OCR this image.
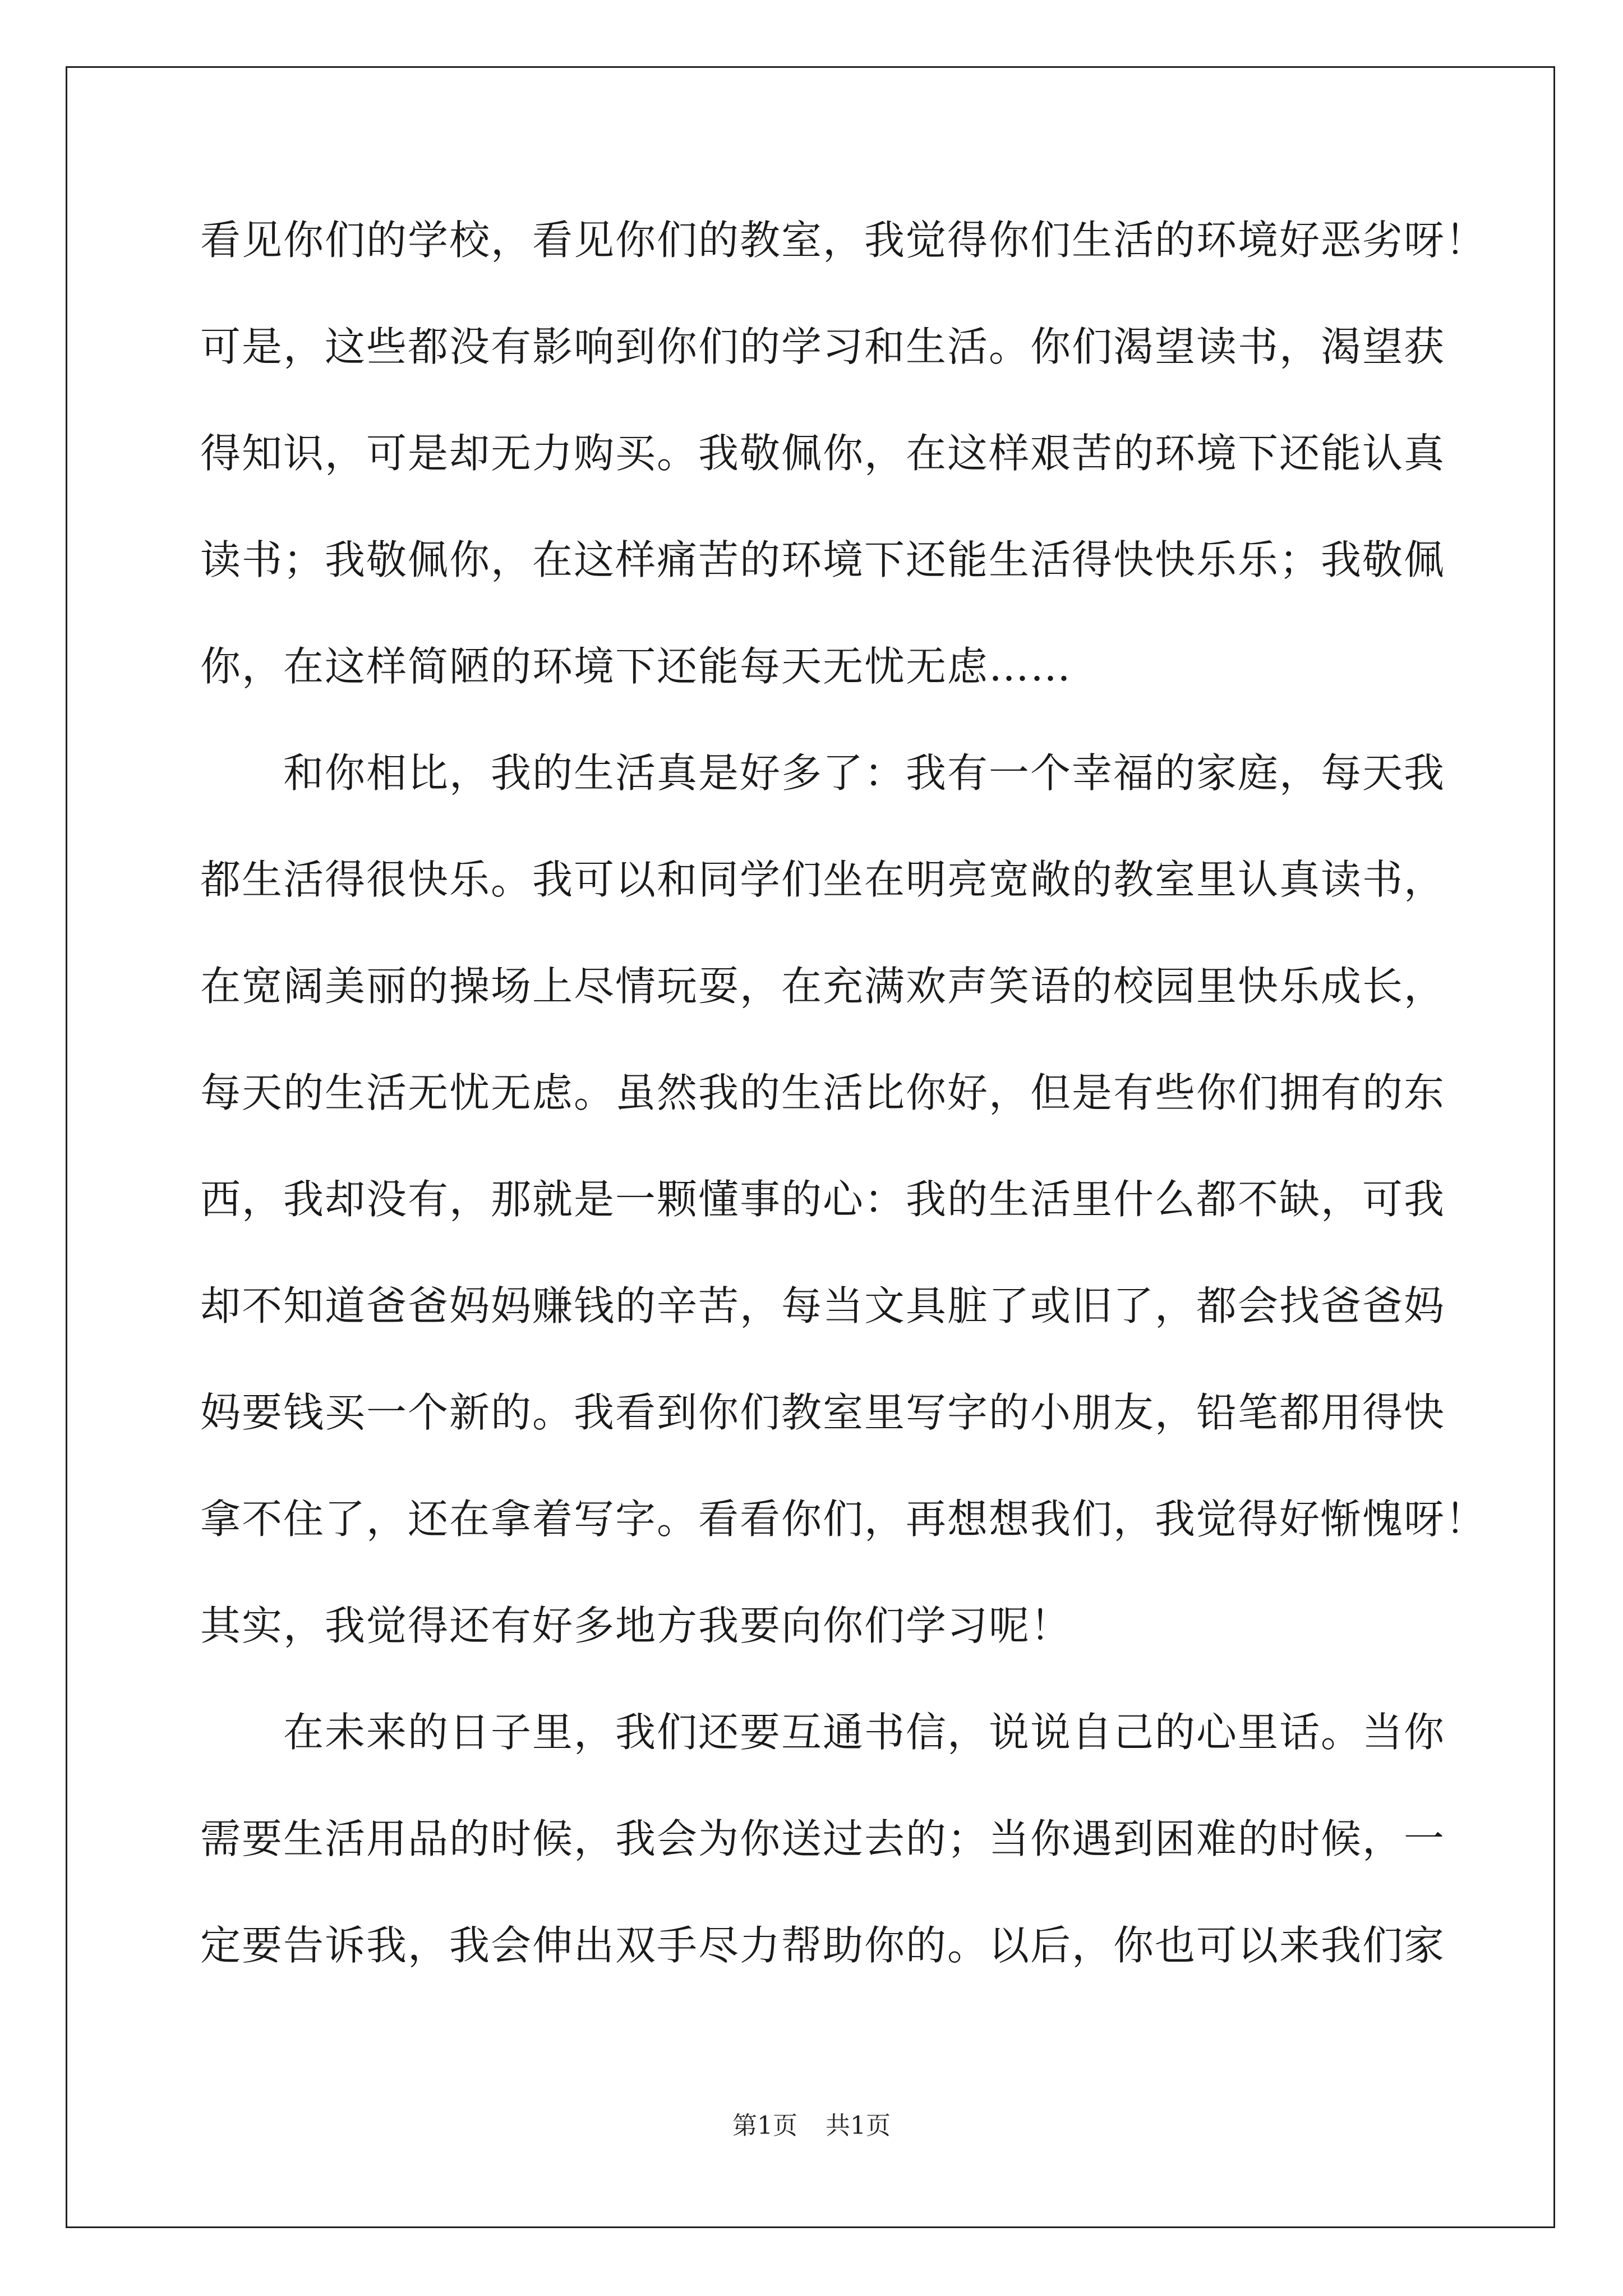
看见你们的学校，看见你们的教室，我觉得你们生活的环境好恶劣呀！
可是，这些都没有影响到你们的学习和生活。你们渴望读书，渴望获
得知识，可是却无力购买。我敬佩你，在这样艰苦的环境下还能认真
读书；我敬佩你，在这样痛苦的环境下还能生活得快快乐乐；我敬佩
你，在这样简陋的环境下还能每天无忧无虑……
　　和你相比，我的生活真是好多了：我有一个幸福的家庭，每天我
都生活得很快乐。我可以和同学们坐在明亮宽敞的教室里认真读书，
在宽阔美丽的操场上尽情玩耍，在充满欢声笑语的校园里快乐成长，
每天的生活无忧无虑。虽然我的生活比你好，但是有些你们拥有的东
西，我却没有，那就是一颗懂事的心：我的生活里什么都不缺，可我
却不知道爸爸妈妈赚钱的辛苦，每当文具脏了或旧了，都会找爸爸妈
妈要钱买一个新的。我看到你们教室里写字的小朋友，铅笔都用得快
拿不住了，还在拿着写字。看看你们，再想想我们，我觉得好惭愧呀！
其实，我觉得还有好多地方我要向你们学习呢！
　　在未来的日子里，我们还要互通书信，说说自己的心里话。当你
需要生活用品的时候，我会为你送过去的；当你遇到困难的时候，一
定要告诉我，我会伸出双手尽力帮助你的。以后，你也可以来我们家
第1页 共1页
